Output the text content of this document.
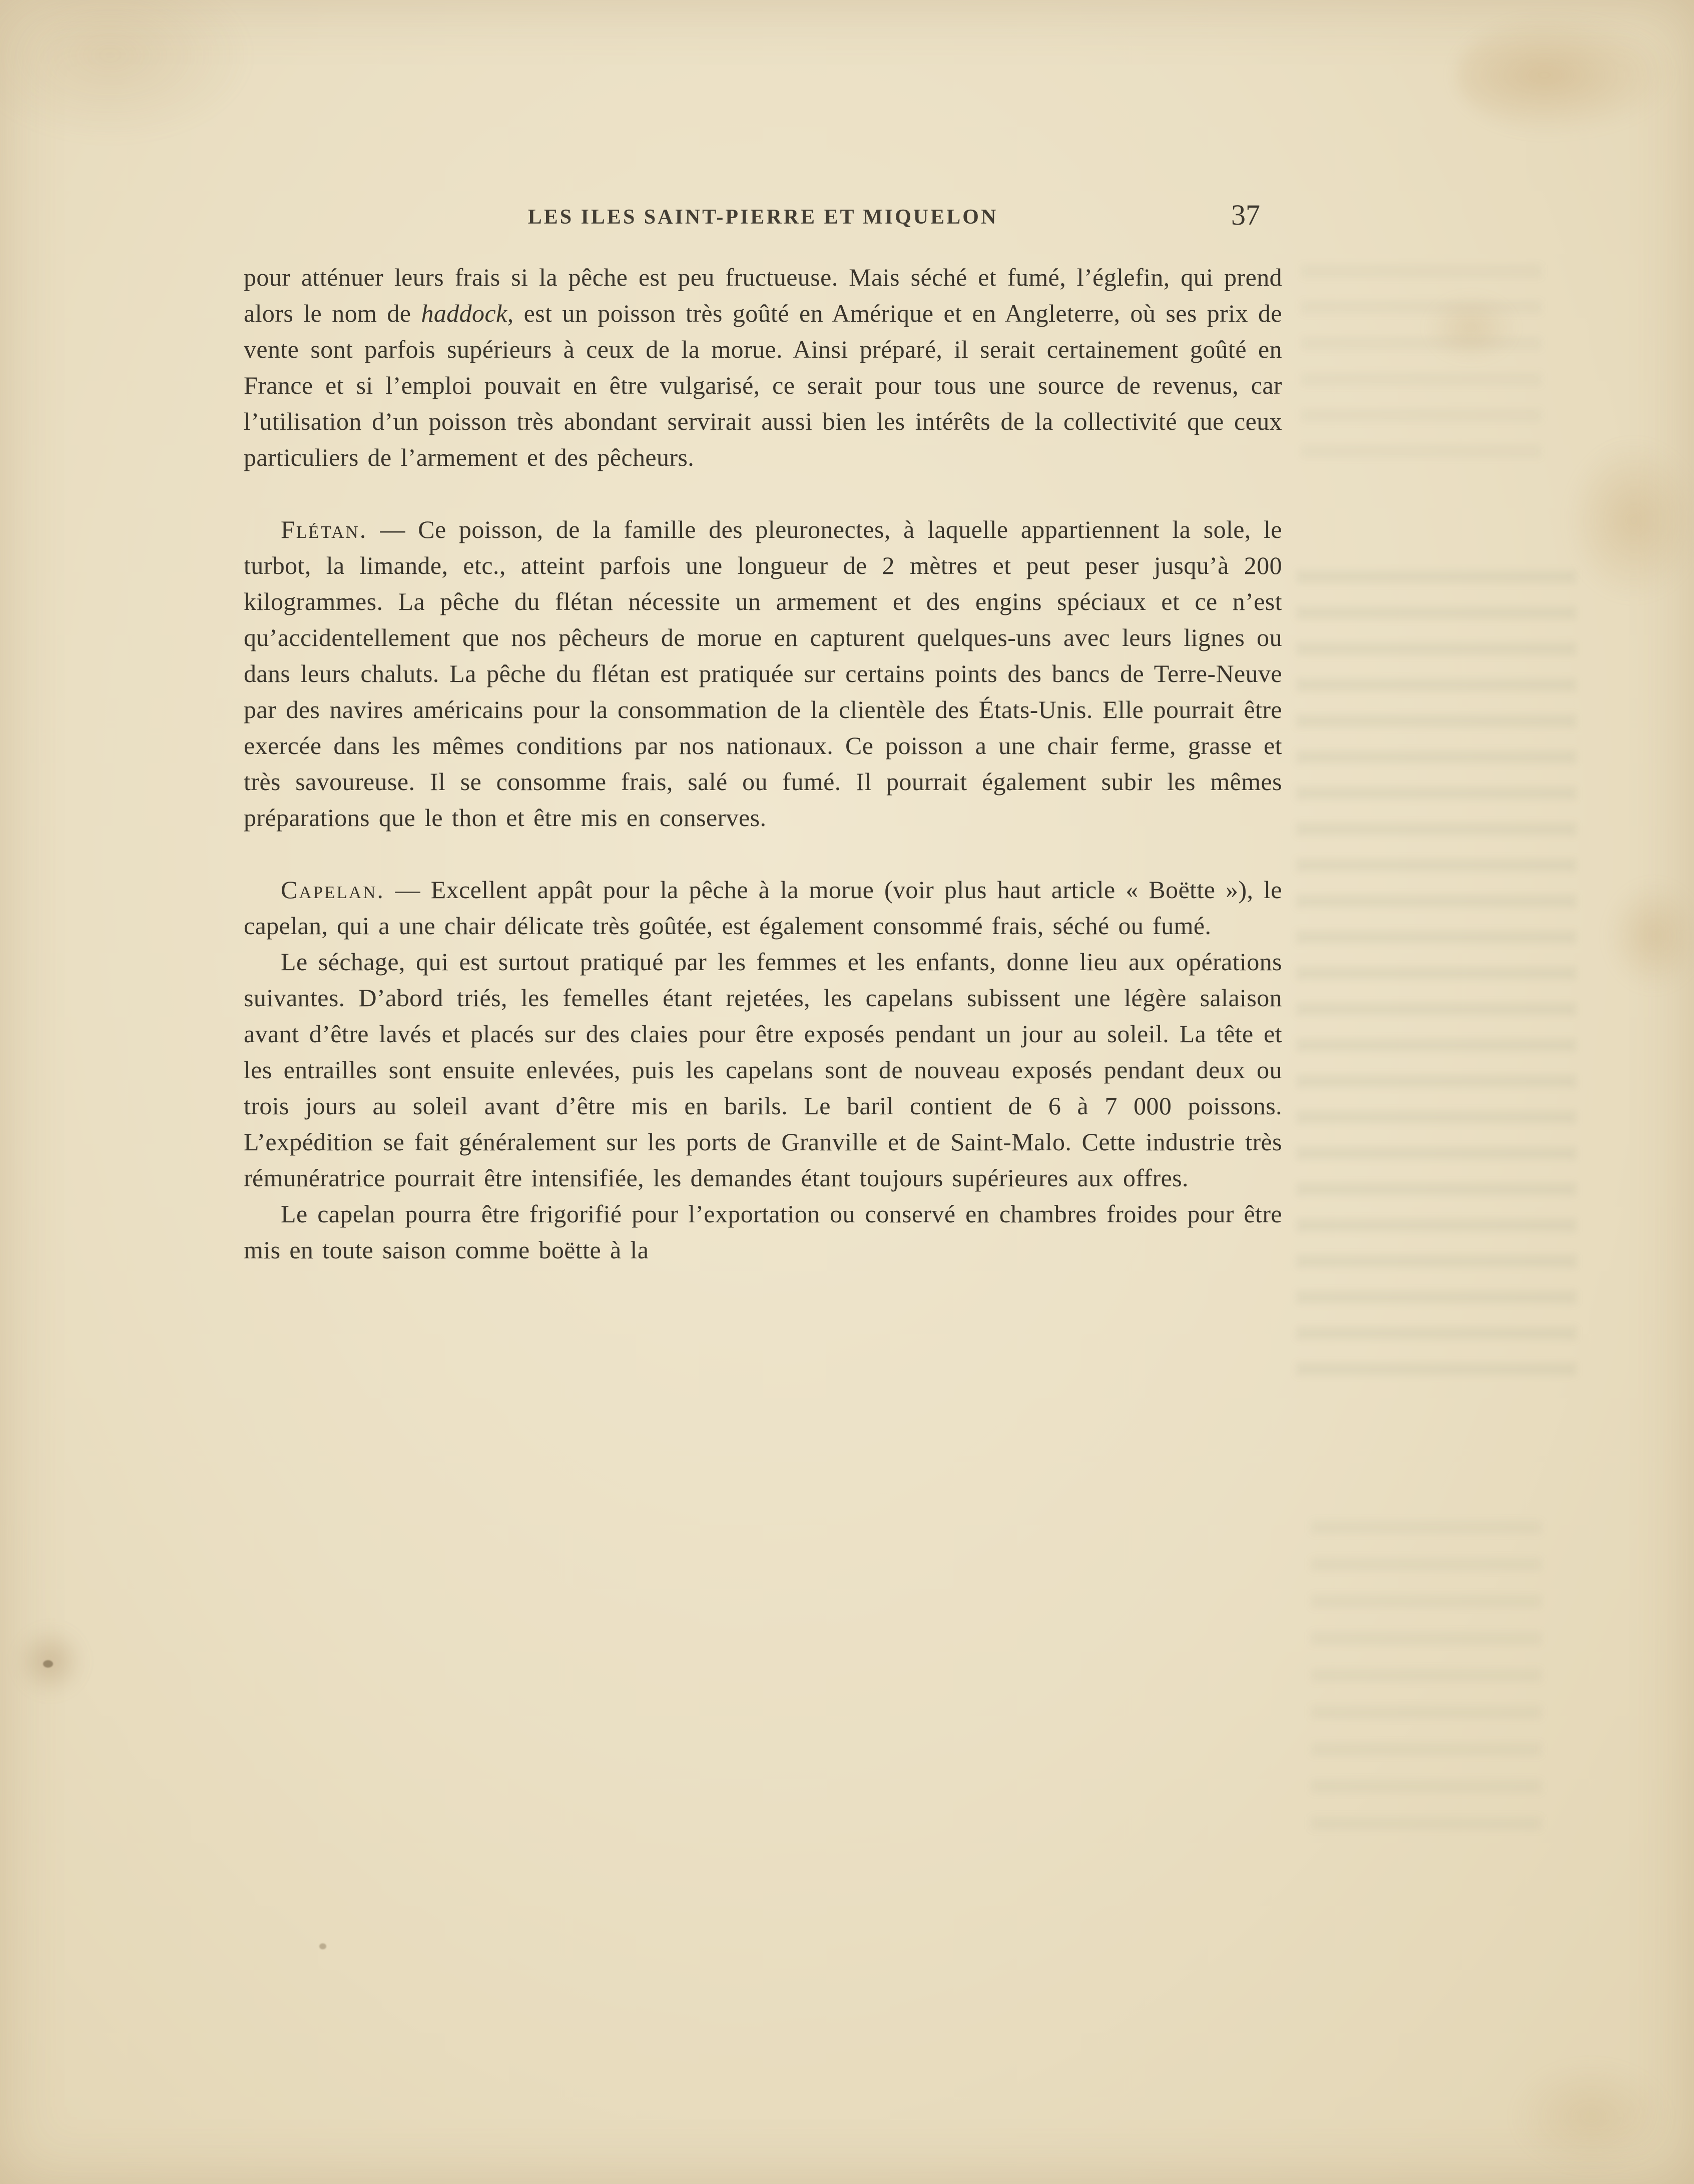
LES ILES SAINT-PIERRE ET MIQUELON	37

pour atténuer leurs frais si la pêche est peu fructueuse. Mais séché et fumé, l’églefin, qui prend alors le nom de haddock, est un poisson très goûté en Amérique et en Angleterre, où ses prix de vente sont parfois supérieurs à ceux de la morue. Ainsi préparé, il serait certainement goûté en France et si l’emploi pouvait en être vulgarisé, ce serait pour tous une source de revenus, car l’utilisation d’un poisson très abondant servirait aussi bien les intérêts de la collectivité que ceux particuliers de l’armement et des pêcheurs.

Flétan. — Ce poisson, de la famille des pleuronectes, à laquelle appartiennent la sole, le turbot, la limande, etc., atteint parfois une longueur de 2 mètres et peut peser jusqu’à 200 kilogrammes. La pêche du flétan nécessite un armement et des engins spéciaux et ce n’est qu’accidentellement que nos pêcheurs de morue en capturent quelques-uns avec leurs lignes ou dans leurs chaluts. La pêche du flétan est pratiquée sur certains points des bancs de Terre-Neuve par des navires américains pour la consommation de la clientèle des États-Unis. Elle pourrait être exercée dans les mêmes conditions par nos nationaux. Ce poisson a une chair ferme, grasse et très savoureuse. Il se consomme frais, salé ou fumé. Il pourrait également subir les mêmes préparations que le thon et être mis en conserves.

Capelan. — Excellent appât pour la pêche à la morue (voir plus haut article « Boëtte »), le capelan, qui a une chair délicate très goûtée, est également consommé frais, séché ou fumé.

Le séchage, qui est surtout pratiqué par les femmes et les enfants, donne lieu aux opérations suivantes. D’abord triés, les femelles étant rejetées, les capelans subissent une légère salaison avant d’être lavés et placés sur des claies pour être exposés pendant un jour au soleil. La tête et les entrailles sont ensuite enlevées, puis les capelans sont de nouveau exposés pendant deux ou trois jours au soleil avant d’être mis en barils. Le baril contient de 6 à 7 000 poissons. L’expédition se fait généralement sur les ports de Granville et de Saint-Malo. Cette industrie très rémunératrice pourrait être intensifiée, les demandes étant toujours supérieures aux offres.

Le capelan pourra être frigorifié pour l’exportation ou conservé en chambres froides pour être mis en toute saison comme boëtte à la
